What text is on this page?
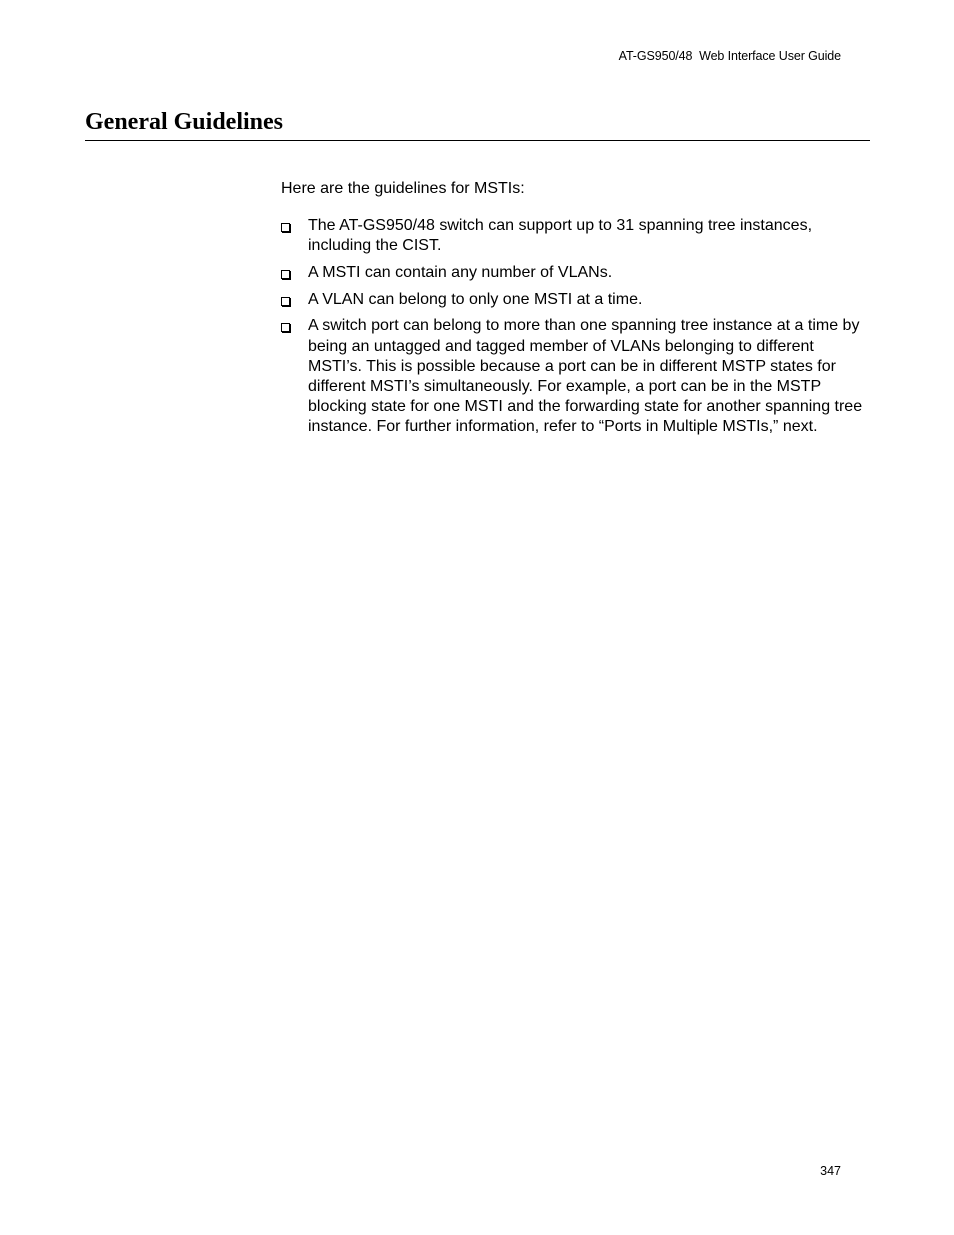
AT-GS950/48  Web Interface User Guide
General Guidelines

Here are the guidelines for MSTIs:

The AT-GS950/48 switch can support up to 31 spanning tree instances, including the CIST.
A MSTI can contain any number of VLANs.
A VLAN can belong to only one MSTI at a time.
A switch port can belong to more than one spanning tree instance at a time by being an untagged and tagged member of VLANs belonging to different MSTI’s. This is possible because a port can be in different MSTP states for different MSTI’s simultaneously. For example, a port can be in the MSTP blocking state for one MSTI and the forwarding state for another spanning tree instance. For further information, refer to “Ports in Multiple MSTIs,” next.
347
